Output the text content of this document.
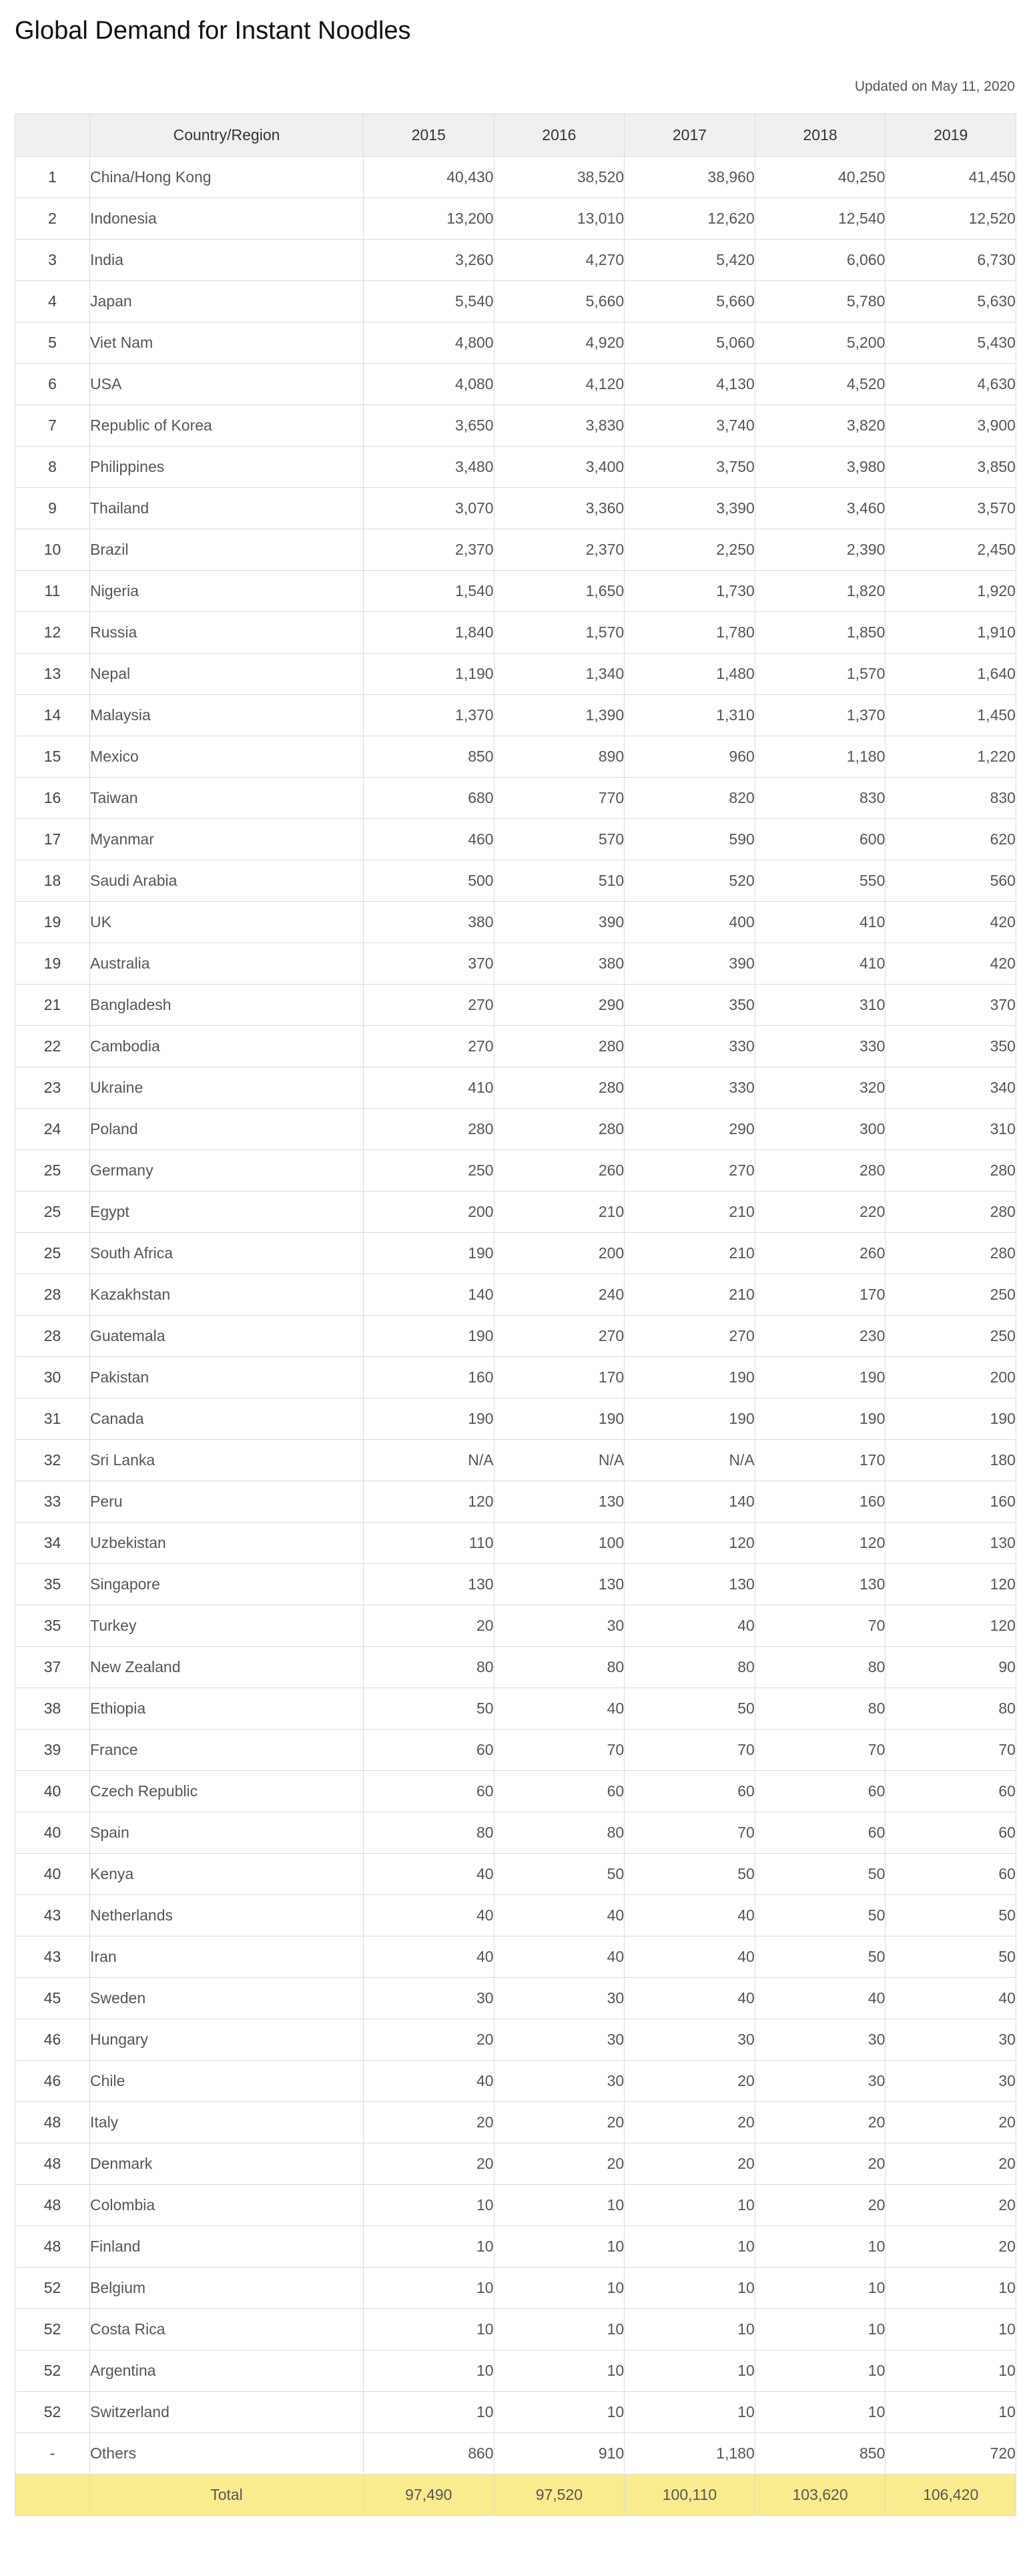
Global Demand for Instant Noodles
Updated on May 11, 2020
	Country/Region	2015	2016	2017	2018	2019
1	China/Hong Kong	40,430	38,520	38,960	40,250	41,450
2	Indonesia	13,200	13,010	12,620	12,540	12,520
3	India	3,260	4,270	5,420	6,060	6,730
4	Japan	5,540	5,660	5,660	5,780	5,630
5	Viet Nam	4,800	4,920	5,060	5,200	5,430
6	USA	4,080	4,120	4,130	4,520	4,630
7	Republic of Korea	3,650	3,830	3,740	3,820	3,900
8	Philippines	3,480	3,400	3,750	3,980	3,850
9	Thailand	3,070	3,360	3,390	3,460	3,570
10	Brazil	2,370	2,370	2,250	2,390	2,450
11	Nigeria	1,540	1,650	1,730	1,820	1,920
12	Russia	1,840	1,570	1,780	1,850	1,910
13	Nepal	1,190	1,340	1,480	1,570	1,640
14	Malaysia	1,370	1,390	1,310	1,370	1,450
15	Mexico	850	890	960	1,180	1,220
16	Taiwan	680	770	820	830	830
17	Myanmar	460	570	590	600	620
18	Saudi Arabia	500	510	520	550	560
19	UK	380	390	400	410	420
19	Australia	370	380	390	410	420
21	Bangladesh	270	290	350	310	370
22	Cambodia	270	280	330	330	350
23	Ukraine	410	280	330	320	340
24	Poland	280	280	290	300	310
25	Germany	250	260	270	280	280
25	Egypt	200	210	210	220	280
25	South Africa	190	200	210	260	280
28	Kazakhstan	140	240	210	170	250
28	Guatemala	190	270	270	230	250
30	Pakistan	160	170	190	190	200
31	Canada	190	190	190	190	190
32	Sri Lanka	N/A	N/A	N/A	170	180
33	Peru	120	130	140	160	160
34	Uzbekistan	110	100	120	120	130
35	Singapore	130	130	130	130	120
35	Turkey	20	30	40	70	120
37	New Zealand	80	80	80	80	90
38	Ethiopia	50	40	50	80	80
39	France	60	70	70	70	70
40	Czech Republic	60	60	60	60	60
40	Spain	80	80	70	60	60
40	Kenya	40	50	50	50	60
43	Netherlands	40	40	40	50	50
43	Iran	40	40	40	50	50
45	Sweden	30	30	40	40	40
46	Hungary	20	30	30	30	30
46	Chile	40	30	20	30	30
48	Italy	20	20	20	20	20
48	Denmark	20	20	20	20	20
48	Colombia	10	10	10	20	20
48	Finland	10	10	10	10	20
52	Belgium	10	10	10	10	10
52	Costa Rica	10	10	10	10	10
52	Argentina	10	10	10	10	10
52	Switzerland	10	10	10	10	10
-	Others	860	910	1,180	850	720
	Total	97,490	97,520	100,110	103,620	106,420
